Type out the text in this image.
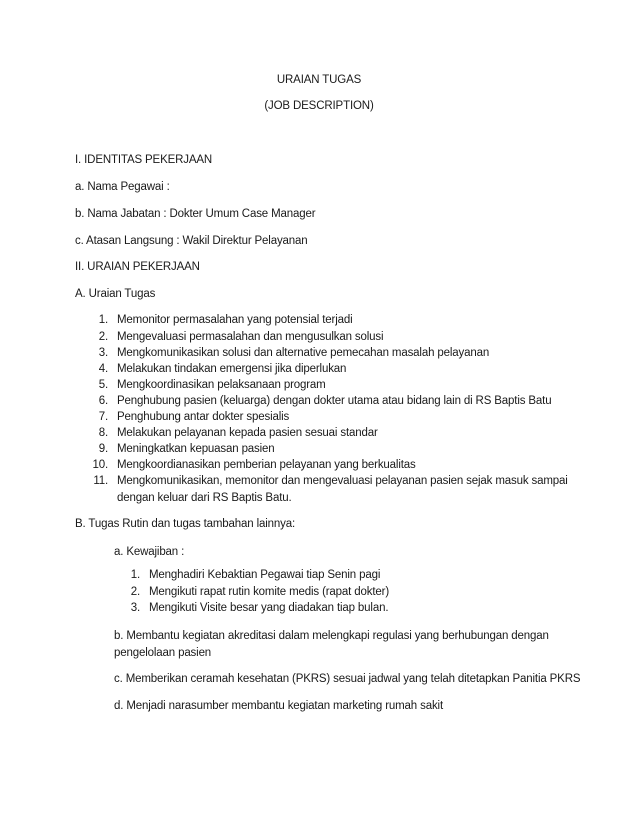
URAIAN TUGAS
(JOB DESCRIPTION)
I. IDENTITAS PEKERJAAN
a. Nama Pegawai :
b. Nama Jabatan : Dokter Umum Case Manager
c. Atasan Langsung : Wakil Direktur Pelayanan
II. URAIAN PEKERJAAN
A. Uraian Tugas
1. Memonitor permasalahan yang potensial terjadi
2. Mengevaluasi permasalahan dan mengusulkan solusi
3. Mengkomunikasikan solusi dan alternative pemecahan masalah pelayanan
4. Melakukan tindakan emergensi jika diperlukan
5. Mengkoordinasikan pelaksanaan program
6. Penghubung pasien (keluarga) dengan dokter utama atau bidang lain di RS Baptis Batu
7. Penghubung antar dokter spesialis
8. Melakukan pelayanan kepada pasien sesuai standar
9. Meningkatkan kepuasan pasien
10. Mengkoordianasikan pemberian pelayanan yang berkualitas
11. Mengkomunikasikan, memonitor dan mengevaluasi pelayanan pasien sejak masuk sampai
dengan keluar dari RS Baptis Batu.
B. Tugas Rutin dan tugas tambahan lainnya:
a. Kewajiban :
1. Menghadiri Kebaktian Pegawai tiap Senin pagi
2. Mengikuti rapat rutin komite medis (rapat dokter)
3. Mengikuti Visite besar yang diadakan tiap bulan.
b. Membantu kegiatan akreditasi dalam melengkapi regulasi yang berhubungan dengan
pengelolaan pasien
c. Memberikan ceramah kesehatan (PKRS) sesuai jadwal yang telah ditetapkan Panitia PKRS
d. Menjadi narasumber membantu kegiatan marketing rumah sakit
